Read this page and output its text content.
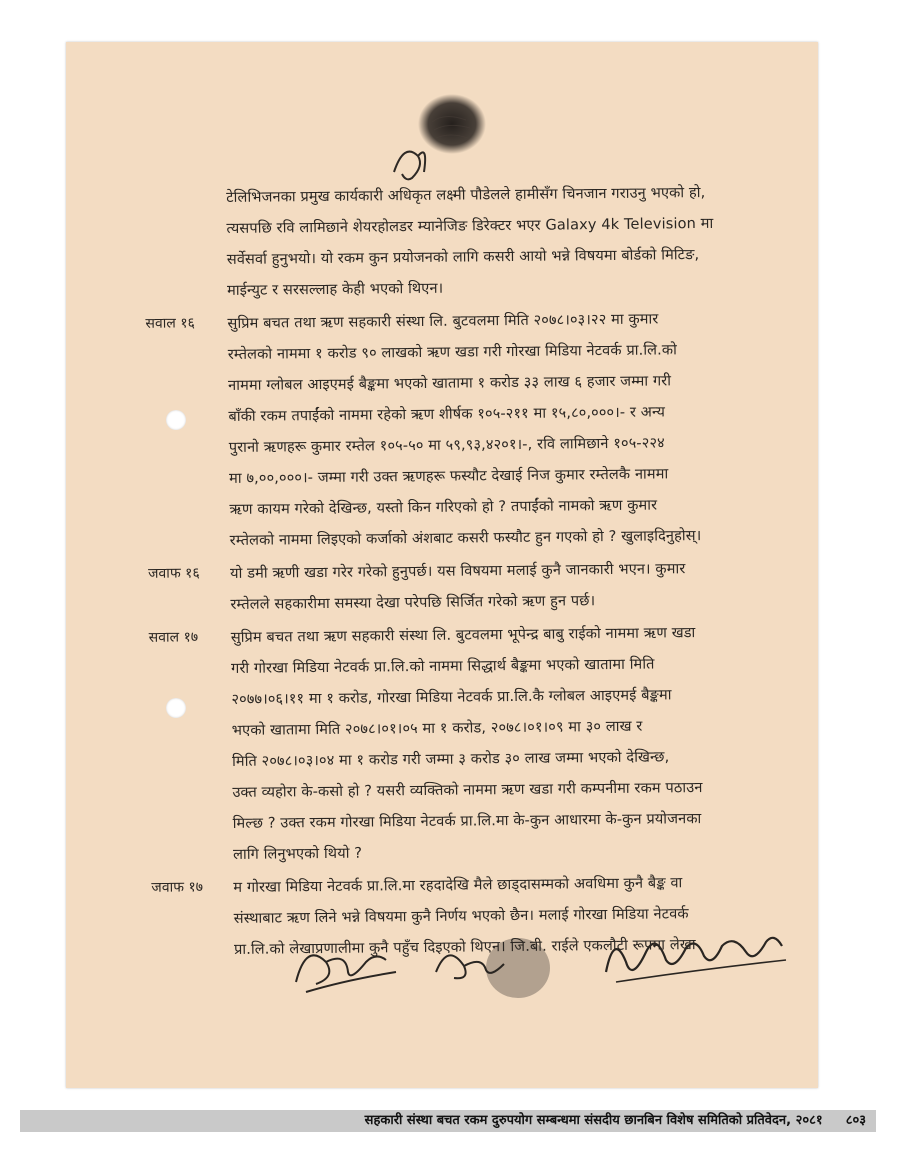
टेलिभिजनका प्रमुख कार्यकारी अधिकृत लक्ष्मी पौडेलले हामीसँग चिनजान गराउनु भएको हो,
त्यसपछि रवि लामिछाने शेयरहोलडर म्यानेजिङ डिरेक्टर भएर Galaxy 4k Television मा
सर्वेसर्वा हुनुभयो। यो रकम कुन प्रयोजनको लागि कसरी आयो भन्ने विषयमा बोर्डको मिटिङ,
माईन्युट र सरसल्लाह केही भएको थिएन।
सवाल १६ सुप्रिम बचत तथा ऋण सहकारी संस्था लि. बुटवलमा मिति २०७८।०३।२२ मा कुमार
रम्तेलको नाममा १ करोड ९० लाखको ऋण खडा गरी गोरखा मिडिया नेटवर्क प्रा.लि.को
नाममा ग्लोबल आइएमई बैङ्कमा भएको खातामा १ करोड ३३ लाख ६ हजार जम्मा गरी
बाँकी रकम तपाईंको नाममा रहेको ऋण शीर्षक १०५-२११ मा १५,८०,०००।- र अन्य
पुरानो ऋणहरू कुमार रम्तेल १०५-५० मा ५९,९३,४२०१।-, रवि लामिछाने १०५-२२४
मा ७,००,०००।- जम्मा गरी उक्त ऋणहरू फस्यौट देखाई निज कुमार रम्तेलकै नाममा
ऋण कायम गरेको देखिन्छ, यस्तो किन गरिएको हो ? तपाईंको नामको ऋण कुमार
रम्तेलको नाममा लिइएको कर्जाको अंशबाट कसरी फस्यौट हुन गएको हो ? खुलाइदिनुहोस्।
जवाफ १६ यो डमी ऋणी खडा गरेर गरेको हुनुपर्छ। यस विषयमा मलाई कुनै जानकारी भएन। कुमार
रम्तेलले सहकारीमा समस्या देखा परेपछि सिर्जित गरेको ऋण हुन पर्छ।
सवाल १७ सुप्रिम बचत तथा ऋण सहकारी संस्था लि. बुटवलमा भूपेन्द्र बाबु राईको नाममा ऋण खडा
गरी गोरखा मिडिया नेटवर्क प्रा.लि.को नाममा सिद्धार्थ बैङ्कमा भएको खातामा मिति
२०७७।०६।११ मा १ करोड, गोरखा मिडिया नेटवर्क प्रा.लि.कै ग्लोबल आइएमई बैङ्कमा
भएको खातामा मिति २०७८।०१।०५ मा १ करोड, २०७८।०१।०९ मा ३० लाख र
मिति २०७८।०३।०४ मा १ करोड गरी जम्मा ३ करोड ३० लाख जम्मा भएको देखिन्छ,
उक्त व्यहोरा के-कसो हो ? यसरी व्यक्तिको नाममा ऋण खडा गरी कम्पनीमा रकम पठाउन
मिल्छ ? उक्त रकम गोरखा मिडिया नेटवर्क प्रा.लि.मा के-कुन आधारमा के-कुन प्रयोजनका
लागि लिनुभएको थियो ?
जवाफ १७ म गोरखा मिडिया नेटवर्क प्रा.लि.मा रहदादेखि मैले छाड्दासम्मको अवधिमा कुनै बैङ्क वा
संस्थाबाट ऋण लिने भन्ने विषयमा कुनै निर्णय भएको छैन। मलाई गोरखा मिडिया नेटवर्क
प्रा.लि.को लेखाप्रणालीमा कुनै पहुँच दिइएको थिएन। जि.बी. राईले एकलौटी रूपमा लेखा
सहकारी संस्था बचत रकम दुरुपयोग सम्बन्धमा संसदीय छानबिन विशेष समितिको प्रतिवेदन, २०८१ ८०३
